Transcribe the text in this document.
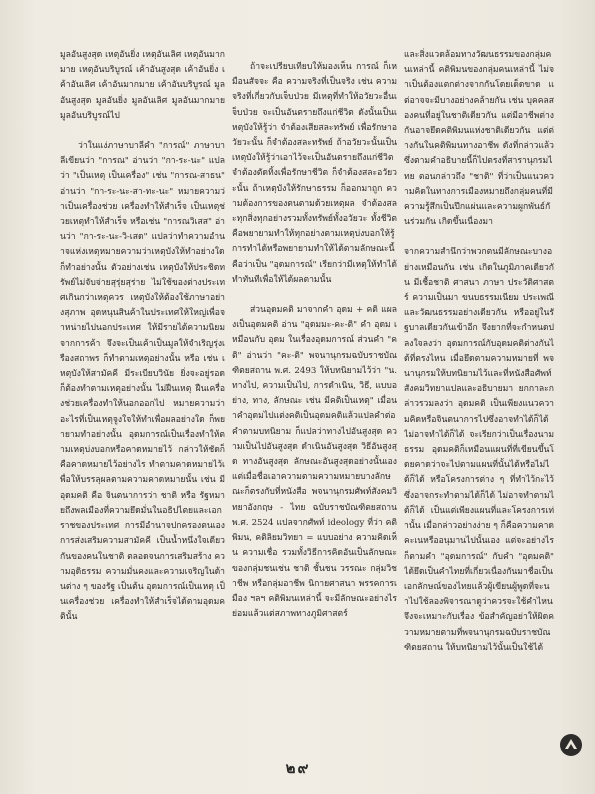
มูลอันสูงสุด เหตุอันยิ่ง เหตุอันเลิศ เหตุอันมากมาย เหตุอันบริบูรณ์ เค้าอันสูงสุด เค้าอันยิ่ง เค้าอันเลิศ เค้าอันมากมาย เค้าอันบริบูรณ์ มูลอันสูงสุด มูลอันยิ่ง มูลอันเลิศ มูลอันมากมาย มูลอันบริบูรณ์ไป

ว่าในแง่ภาษาบาลีคำ "การณ์" ภาษาบาลีเขียนว่า "การณ" อ่านว่า "กา-ระ-นะ" แปลว่า "เป็นเหตุ เป็นเครื่อง" เช่น "การณ-สาธน" อ่านว่า "กา-ระ-นะ-สา-ทะ-นะ" หมายความว่าเป็นเครื่องช่วย เครื่องทำให้สำเร็จ เป็นเหตุช่วยเหตุทำให้สำเร็จ หรือเช่น "การณวิเสส" อ่านว่า "กา-ระ-นะ-วิ-เสด" แปลว่าทำความอำนาจแห่งเหตุหมายความว่าเหตุบังให้ทำอย่างใด ก็ทำอย่างนั้น ตัวอย่างเช่น เหตุบังให้ประชิดทรัพย์ไม่จับจ่ายสุรุ่ยสุร่าย ไม่ใช้ของต่างประเทศเกินกว่าเหตุควร เหตุบังให้ต้องใช้ภาษาอย่างสุภาพ อุดหนุนสินค้าในประเทศให้ใหญ่เพื่อจำหน่ายไปนอกประเทศ ให้มีรายได้ความนิยมจากการค้า จึงจะเป็นเค้าเป็นมูลให้จำเริญรุ่งเรืองสถาพร ก็ทำตามเหตุอย่างนั้น หรือ เช่น เหตุบังให้สามัคคี มีระเบียบวินัย ยิ่งจะอยู่รอด ก็ต้องทำตามเหตุอย่างนั้น ไม่ฝืนเหตุ ฝืนเครื่องช่วยเครื่องทำให้นอกออกไป หมายความว่า อะไรที่เป็นเหตุจูงใจให้ทำเพื่อผลอย่างใด ก็พยายามทำอย่างนั้น อุดมการณ์เป็นเรื่องทำให้ตามเหตุบ่งบอกหรือคาดหมายไว้ กล่าวให้ชัดก็คือคาดหมายไว้อย่างไร ทำตามคาดหมายไว้เพื่อให้บรรลุผลตามความคาดหมายนั้น เช่น มีอุดมคติ คือ จินตนาการว่า ชาติ หรือ รัฐหมายถึงพลเมืองที่ความยึดมั่นในอธิปไตยและเอกราชของประเทศ การมีอำนาจปกครองตนเอง การส่งเสริมความสามัคคี เป็นน้ำหนึ่งใจเดียวกันของคนในชาติ ตลอดจนการเสริมสร้าง ความอุดิธรรม ความมั่นคงและความเจริญในด้านต่าง ๆ ของรัฐ เป็นต้น อุดมการณ์เป็นเหตุ เป็นเครื่องช่วย เครื่องทำให้สำเร็จได้ตามอุดมคตินั้น

ถ้าจะเปรียบเทียบให้มองเห็น การณ์ ก็เหมือนสัจจะ คือ ความจริงที่เป็นจริง เช่น ความจริงที่เกี่ยวกับเจ็บป่วย มีเหตุที่ทำให้อวัยวะอื่นเจ็บป่วย จะเป็นอันตรายถึงแก่ชีวิต ดังนั้นเป็นเหตุบังให้รู้ว่า จำต้องเสียสละทรัพย์ เพื่อรักษาอวัยวะนั้น ก็จำต้องสละทรัพย์ ถ้าอวัยวะนั้นเป็นเหตุบังให้รู้ว่าเอาไว้จะเป็นอันตรายถึงแก่ชีวิต จำต้องตัดทิ้งเพื่อรักษาชีวิต ก็จำต้องสละอวัยวะนั้น ถ้าเหตุบังให้รักษาธรรม ก็ออกมาถูก ความต้องการของตนตามด้วยเหตุผล จำต้องสละทุกสิ่งทุกอย่างรวมทั้งทรัพย์ทั้งอวัยวะ ทั้งชีวิต คือพยายามทำให้ทุกอย่างตามเหตุบ่งบอกให้รู้ การทำได้หรือพยายามทำให้ได้ตามลักษณะนี้คือว่าเป็น "อุดมการณ์" เรียกว่ามีเหตุให้ทำได้ ทำทันทีเพื่อให้ได้ผลตามนั้น

ส่วนอุดมคติ มาจากคำ อุดม + คติ แผลงเป็นอุดมคติ อ่าน "อุดมมะ-คะ-ติ" คำ อุดม เหมือนกับ อุดม ในเรื่องอุดมการณ์ ส่วนคำ "คติ" อ่านว่า "คะ-ติ" พจนานุกรมฉบับราชบัณฑิตยสถาน พ.ศ. 2493 ให้บทนิยามไว้ว่า "น. ทางไป, ความเป็นไป, การดำเนิน, วิธี, แบบอย่าง, ทาง, ลักษณะ เช่น มีคติเป็นเหตุ" เมื่อนำคำอุดมไปแต่งคติเป็นอุดมคติแล้วแปลคำต่อคำตามบทนิยาม ก็แปลว่าทางไปอันสูงสุด ความเป็นไปอันสูงสุด ดำเนินอันสูงสุด วิธีอันสูงสุด ทางอันสูงสุด ลักษณะอันสูงสุดอย่างนั้นเอง แต่เมื่อชื่อเอาความตามความหมายบางลักษณะก็ตรงกับที่หนังสือ พจนานุกรมศัพท์สังคมวิทยาอังกฤษ - ไทย ฉบับราชบัณฑิตยสถาน พ.ศ. 2524 แปลจากศัพท์ ideology ที่ว่า คติพิมน, คติลิยมวิทยา = แบบอย่าง ความคิดเห็น ความเชื่อ รวมทั้งวิธีการคิดอันเป็นลักษณะของกลุ่มชนเช่น ชาติ ชั้นชน วรรณะ กลุ่มวิชาชีพ หรือกลุ่มอาชีพ นิกายศาสนา พรรคการเมือง ฯลฯ คติพิมนเหล่านี้ จะมีลักษณะอย่างไร ย่อมแล้วแต่สภาพทางภูมิศาสตร์

และสิ่งแวดล้อมทางวัฒนธรรมของกลุ่มคนเหล่านี้ คติพิมนของกลุ่มคนเหล่านี้ ไม่จำเป็นต้องแตกต่างจากกันโดยเด็ดขาด แต่อาจจะมีบางอย่างคล้ายกัน เช่น บุคคลสองคนที่อยู่ในชาติเดียวกัน แต่มีอาชีพต่างกันอาจยึดคติพิมนแห่งชาติเดียวกัน แต่ต่างกันในคติพิมนทางอาชีพ ดังที่กล่าวแล้ว ซึ่งตามคำอธิบายนี้ก็ไปตรงที่สารานุกรมไทย ตอนกล่าวถึง "ชาติ" ที่ว่าเป็นแนวความคิดในทางการเมืองหมายถึงกลุ่มคนที่มีความรู้สึกเป็นปึกแผ่นและความผูกพันธ์กันร่วมกัน เกิดขึ้นเนื่องมา

จากความสำนึกว่าพวกตนมีลักษณะบางอย่างเหมือนกัน เช่น เกิดในภูมิภาคเดียวกัน มีเชื้อชาติ ศาสนา ภาษา ประวัติศาสตร์ ความเป็นมา ขนบธรรมเนียม ประเพณี และวัฒนธรรมอย่างเดียวกัน หรืออยู่ในรัฐบาลเดียวกันเข้าอีก จึงยากที่จะกำหนดปลงใจลงว่า อุดมการณ์กับอุดมคติต่างกันได้ที่ตรงไหน เมื่อยึดตามความหมายที่ พจนานุกรมให้บทนิยามไว้และที่หนังสือศัพท์สังคมวิทยาแปลและอธิบายมา ยกกาละกล่าวรวมลงว่า อุดมคติ เป็นเพียงแนวความคิดหรือจินตนาการไปซึ่งอาจทำได้ก็ได้ ไม่อาจทำได้ก็ได้ จะเรียกว่าเป็นเรื่องนามธรรม อุดมคติก็เหมือนแผนที่ที่เขียนขึ้นโดยคาดว่าจะไปตามแผนที่นั้นได้หรือไม่ได้ก็ได้ หรือโครงการต่าง ๆ ที่ทำไว้กะไว้ ซึ่งอาจกระทำตามได้ก็ได้ ไม่อาจทำตามได้ก็ได้ เป็นแต่เพียงแผนที่และโครงการเท่านั้น เมื่อกล่าวอย่างง่าย ๆ ก็คือความคาดคะเนหรืออนุมานไปนั้นเอง แต่จะอย่างไรก็ตามคำ "อุดมการณ์" กับคำ "อุดมคติ" ได้ยึดเป็นคำไทยที่เกี่ยวเนื่องกันมาชื่อเป็นเอกลักษณ์ของไทยแล้วผู้เขียนผู้พูดที่จะนำไปใช้ลองพิจารณาดูว่าควรจะใช้คำไหนจึงจะเหมาะกับเรื่อง ข้อสำคัญอย่าให้ผิดความหมายตามที่พจนานุกรมฉบับราชบัณฑิตยสถาน ให้บทนิยามไว้นั้นเป็นใช้ได้

๒๙
